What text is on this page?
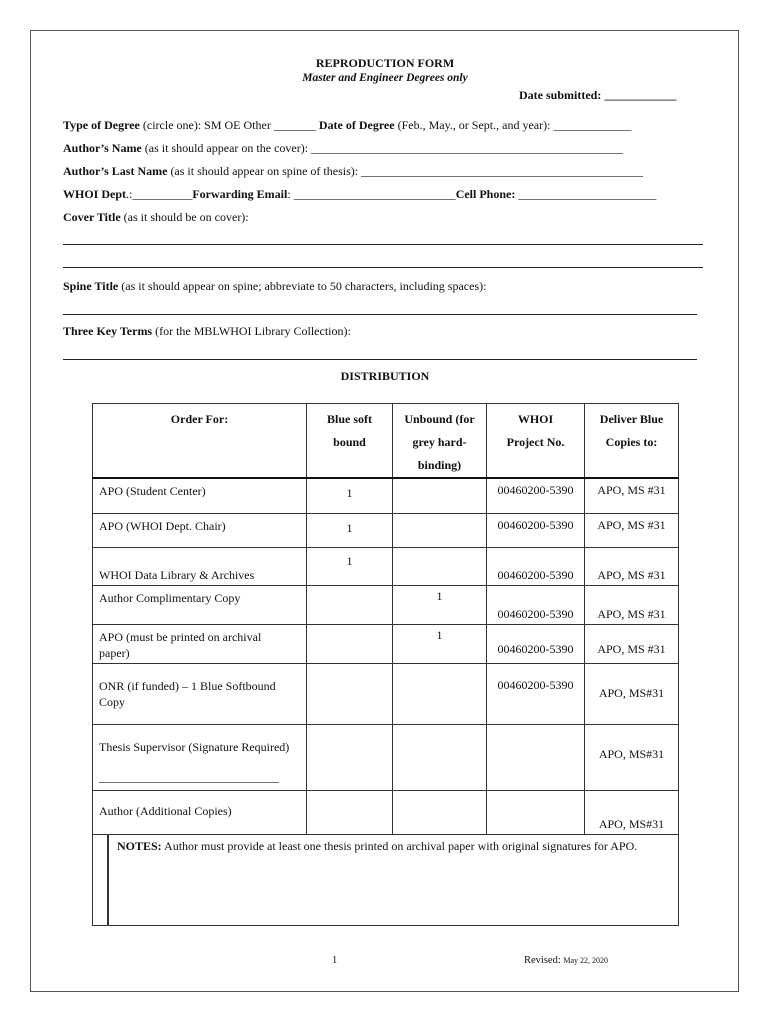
REPRODUCTION FORM
Master and Engineer Degrees only
Date submitted: ____________
Type of Degree (circle one): SM OE Other _______ Date of Degree (Feb., May., or Sept., and year): _____________
Author’s Name (as it should appear on the cover): ____________________________________________________
Author’s Last Name (as it should appear on spine of thesis): _______________________________________________
WHOI Dept.:__________Forwarding Email: ___________________________Cell Phone: _______________________
Cover Title (as it should be on cover):
Spine Title (as it should appear on spine; abbreviate to 50 characters, including spaces):
Three Key Terms (for the MBLWHOI Library Collection):
DISTRIBUTION
Order For:	Blue soft bound	Unbound (for grey hard-binding)	WHOI Project No.	Deliver Blue Copies to:
APO (Student Center)	1		00460200-5390	APO, MS #31
APO (WHOI Dept. Chair)	1		00460200-5390	APO, MS #31
WHOI Data Library & Archives	1		00460200-5390	APO, MS #31
Author Complimentary Copy		1	00460200-5390	APO, MS #31
APO (must be printed on archival paper)		1	00460200-5390	APO, MS #31
ONR (if funded) – 1 Blue Softbound Copy			00460200-5390	APO, MS#31

Thesis Supervisor (Signature Required)
______________________________				APO, MS#31
Author (Additional Copies)				APO, MS#31

NOTES: Author must provide at least one thesis printed on archival paper with original signatures for APO.				
1	Revised: May 22, 2020
